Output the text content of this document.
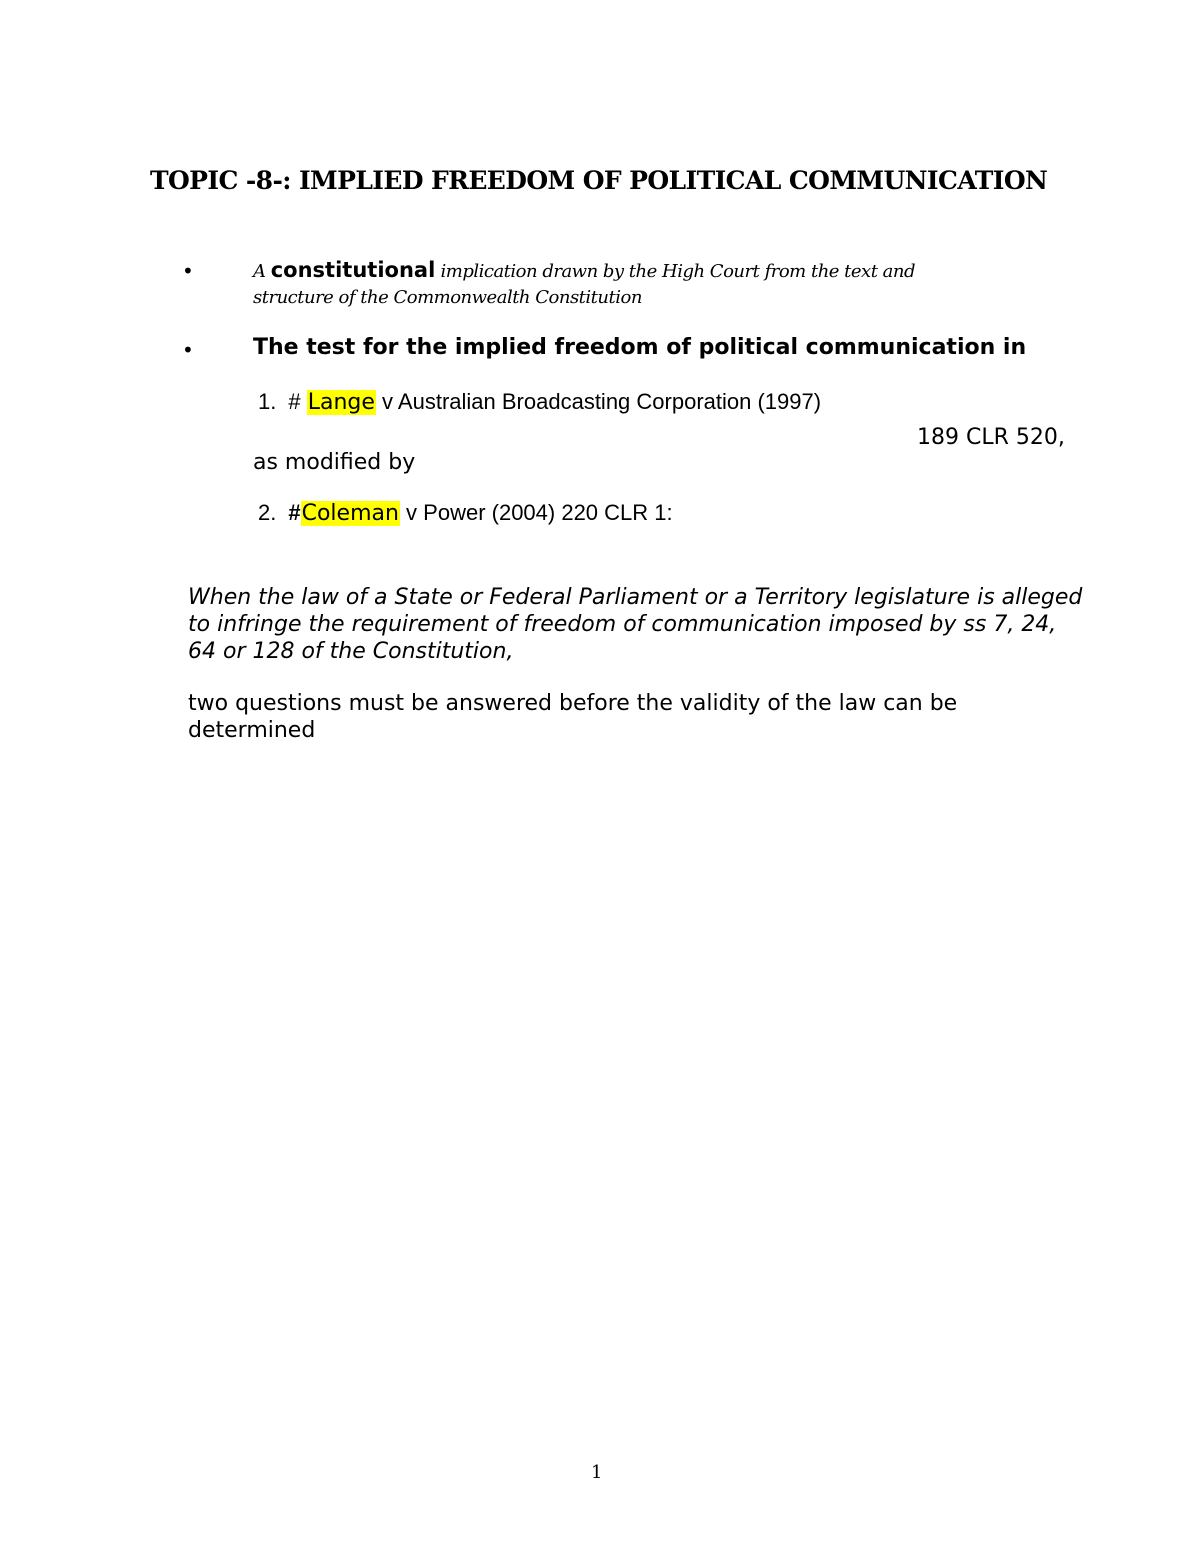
TOPIC -8-: IMPLIED FREEDOM OF POLITICAL COMMUNICATION
•	A constitutional implication drawn by the High Court from the text and
structure of the Commonwealth Constitution
•	The test for the implied freedom of political communication in
1. # Lange v Australian Broadcasting Corporation (1997)
189 CLR 520,
as modified by
2. #Coleman v Power (2004) 220 CLR 1:
When the law of a State or Federal Parliament or a Territory legislature is alleged to infringe the requirement of freedom of communication imposed by ss 7, 24, 64 or 128 of the Constitution,
two questions must be answered before the validity of the law can be determined
1
